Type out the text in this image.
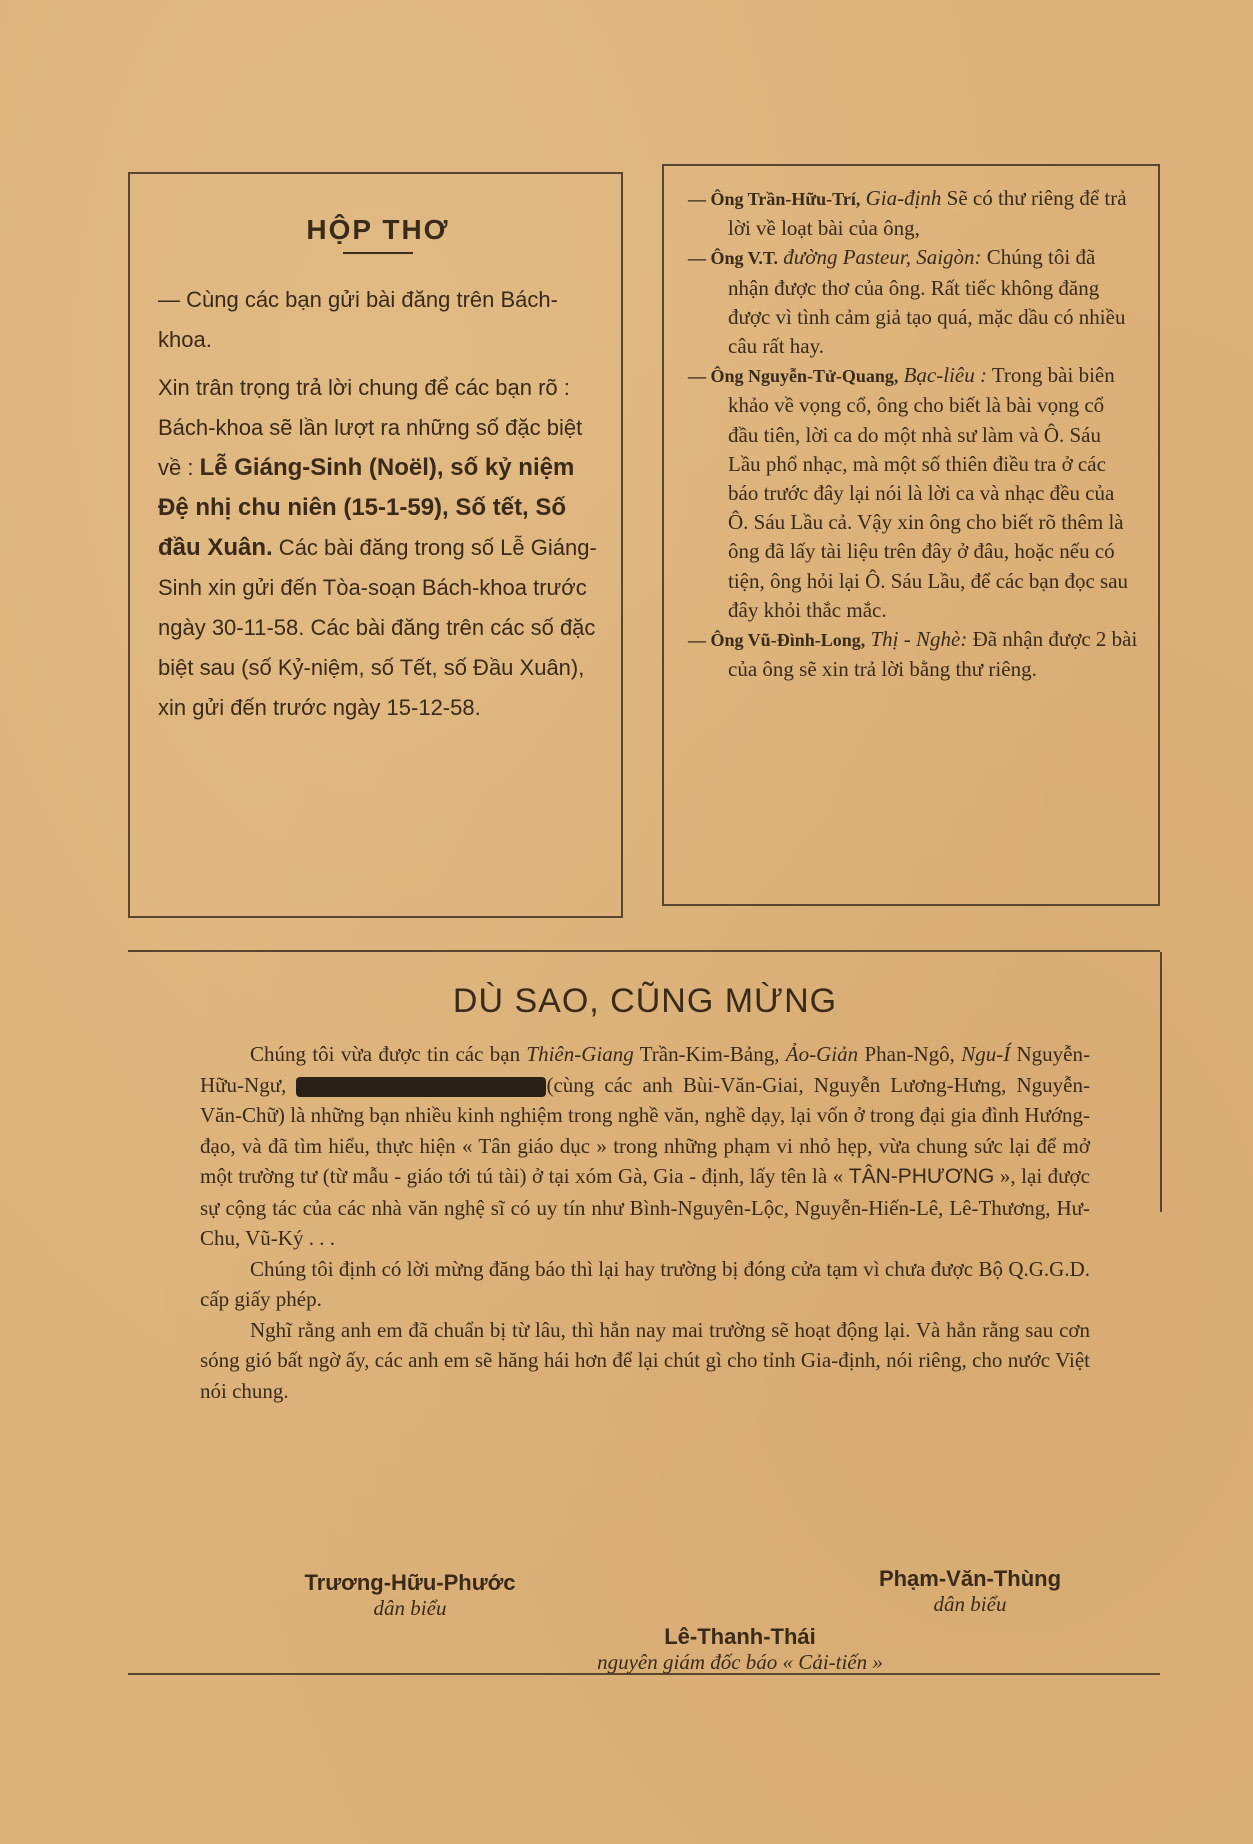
HỘP THƠ

— Cùng các bạn gửi bài đăng trên Bách-khoa.

Xin trân trọng trả lời chung để các bạn rõ : Bách-khoa sẽ lần lượt ra những số đặc biệt về : Lễ Giáng-Sinh (Noël), số kỷ niệm Đệ nhị chu niên (15-1-59), Số tết, Số đầu Xuân. Các bài đăng trong số Lễ Giáng-Sinh xin gửi đến Tòa-soạn Bách-khoa trước ngày 30-11-58. Các bài đăng trên các số đặc biệt sau (số Kỷ-niệm, số Tết, số Đầu Xuân), xin gửi đến trước ngày 15-12-58.

— Ông Trần-Hữu-Trí, Gia-định Sẽ có thư riêng để trả lời về loạt bài của ông,

— Ông V.T. đường Pasteur, Saigòn: Chúng tôi đã nhận được thơ của ông. Rất tiếc không đăng được vì tình cảm giả tạo quá, mặc dầu có nhiều câu rất hay.

— Ông Nguyễn-Tử-Quang, Bạc-liêu : Trong bài biên khảo về vọng cổ, ông cho biết là bài vọng cổ đầu tiên, lời ca do một nhà sư làm và Ô. Sáu Lầu phổ nhạc, mà một số thiên điều tra ở các báo trước đây lại nói là lời ca và nhạc đều của Ô. Sáu Lầu cả. Vậy xin ông cho biết rõ thêm là ông đã lấy tài liệu trên đây ở đâu, hoặc nếu có tiện, ông hỏi lại Ô. Sáu Lầu, để các bạn đọc sau đây khỏi thắc mắc.

— Ông Vũ-Đình-Long, Thị - Nghè: Đã nhận được 2 bài của ông sẽ xin trả lời bằng thư riêng.

DÙ SAO, CŨNG MỪNG

Chúng tôi vừa được tin các bạn Thiên-Giang Trần-Kim-Bảng, Ảo-Giản Phan-Ngô, Ngu-Í Nguyễn-Hữu-Ngư,	(cùng các anh Bùi-Văn-Giai, Nguyễn Lương-Hưng, Nguyễn-Văn-Chữ) là những bạn nhiều kinh nghiệm trong nghề văn, nghề dạy, lại vốn ở trong đại gia đình Hướng-đạo, và đã tìm hiểu, thực hiện « Tân giáo dục » trong những phạm vi nhỏ hẹp, vừa chung sức lại để mở một trường tư (từ mẫu - giáo tới tú tài) ở tại xóm Gà, Gia - định, lấy tên là « TÂN-PHƯƠNG », lại được sự cộng tác của các nhà văn nghệ sĩ có uy tín như Bình-Nguyên-Lộc, Nguyễn-Hiến-Lê, Lê-Thương, Hư-Chu, Vũ-Ký . . .

Chúng tôi định có lời mừng đăng báo thì lại hay trường bị đóng cửa tạm vì chưa được Bộ Q.G.G.D. cấp giấy phép.

Nghĩ rằng anh em đã chuẩn bị từ lâu, thì hẳn nay mai trường sẽ hoạt động lại. Và hẳn rằng sau cơn sóng gió bất ngờ ấy, các anh em sẽ hăng hái hơn để lại chút gì cho tỉnh Gia-định, nói riêng, cho nước Việt nói chung.

Trương-Hữu-Phước
dân biểu
Phạm-Văn-Thùng
dân biểu
Lê-Thanh-Thái
nguyên giám đốc báo « Cải-tiến »
